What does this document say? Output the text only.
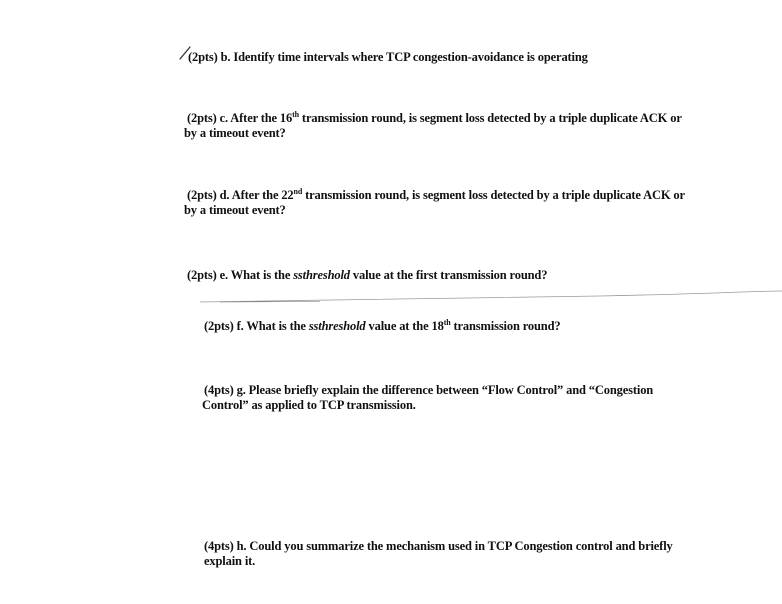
(2pts) b. Identify time intervals where TCP congestion-avoidance is operating
(2pts) c. After the 16th transmission round, is segment loss detected by a triple duplicate ACK or
by a timeout event?
(2pts) d. After the 22nd transmission round, is segment loss detected by a triple duplicate ACK or
by a timeout event?
(2pts) e. What is the ssthreshold value at the first transmission round?
(2pts) f. What is the ssthreshold value at the 18th transmission round?
(4pts) g. Please briefly explain the difference between “Flow Control” and “Congestion
Control” as applied to TCP transmission.
(4pts) h. Could you summarize the mechanism used in TCP Congestion control and briefly
explain it.
